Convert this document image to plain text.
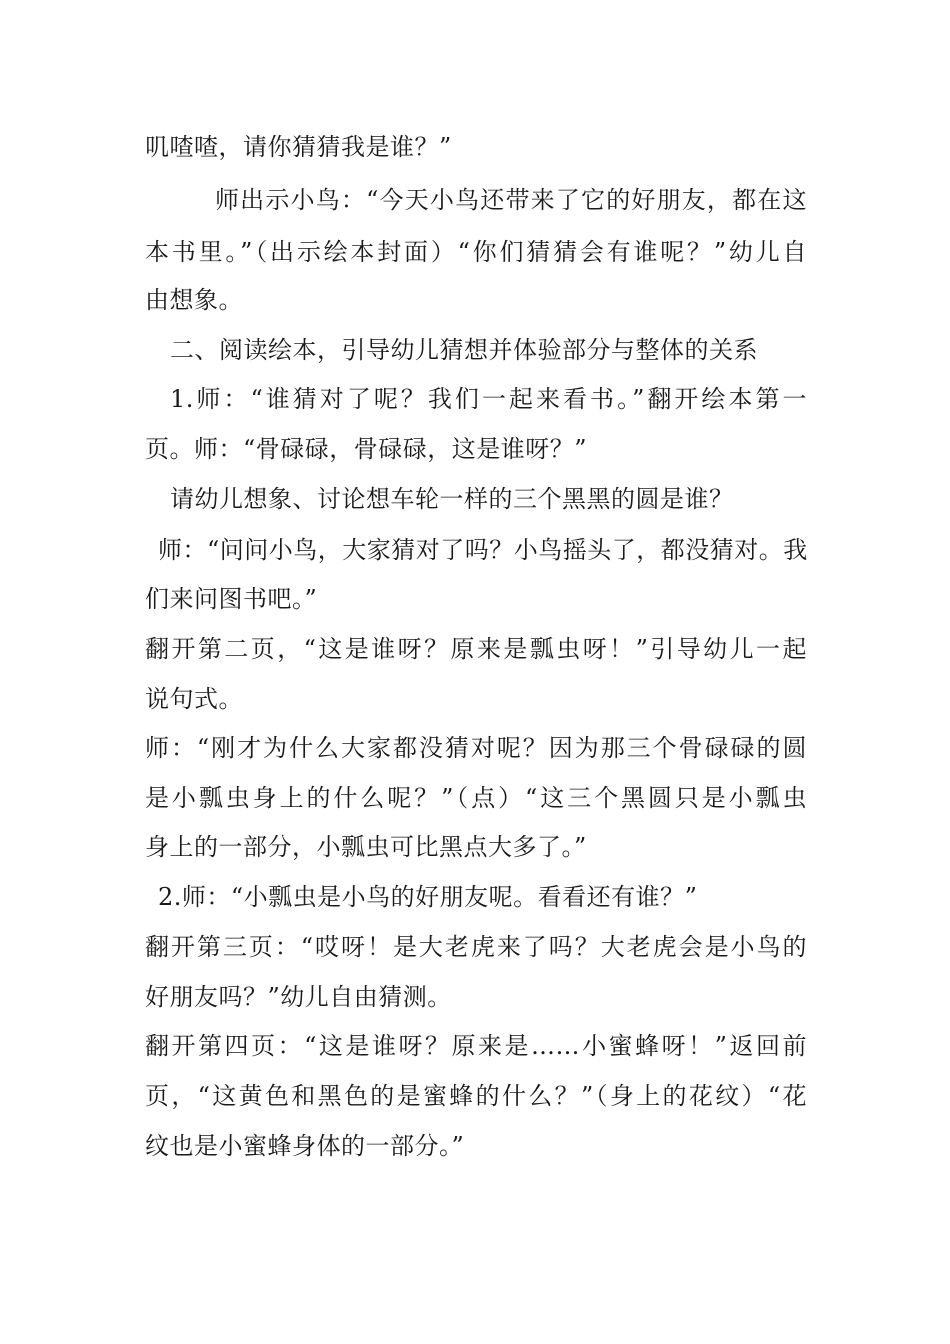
叽喳喳，请你猜猜我是谁？”
师出示小鸟：“今天小鸟还带来了它的好朋友，都在这
本书里。”（出示绘本封面）“你们猜猜会有谁呢？”幼儿自
由想象。
二、阅读绘本，引导幼儿猜想并体验部分与整体的关系
1.师：“谁猜对了呢？我们一起来看书。”翻开绘本第一
页。师：“骨碌碌，骨碌碌，这是谁呀？”
请幼儿想象、讨论想车轮一样的三个黑黑的圆是谁？
师：“问问小鸟，大家猜对了吗？小鸟摇头了，都没猜对。我
们来问图书吧。”
翻开第二页，“这是谁呀？原来是瓢虫呀！”引导幼儿一起
说句式。
师：“刚才为什么大家都没猜对呢？因为那三个骨碌碌的圆
是小瓢虫身上的什么呢？”（点）“这三个黑圆只是小瓢虫
身上的一部分，小瓢虫可比黑点大多了。”
2.师：“小瓢虫是小鸟的好朋友呢。看看还有谁？”
翻开第三页：“哎呀！是大老虎来了吗？大老虎会是小鸟的
好朋友吗？”幼儿自由猜测。
翻开第四页：“这是谁呀？原来是……小蜜蜂呀！”返回前
页，“这黄色和黑色的是蜜蜂的什么？”（身上的花纹）“花
纹也是小蜜蜂身体的一部分。”
